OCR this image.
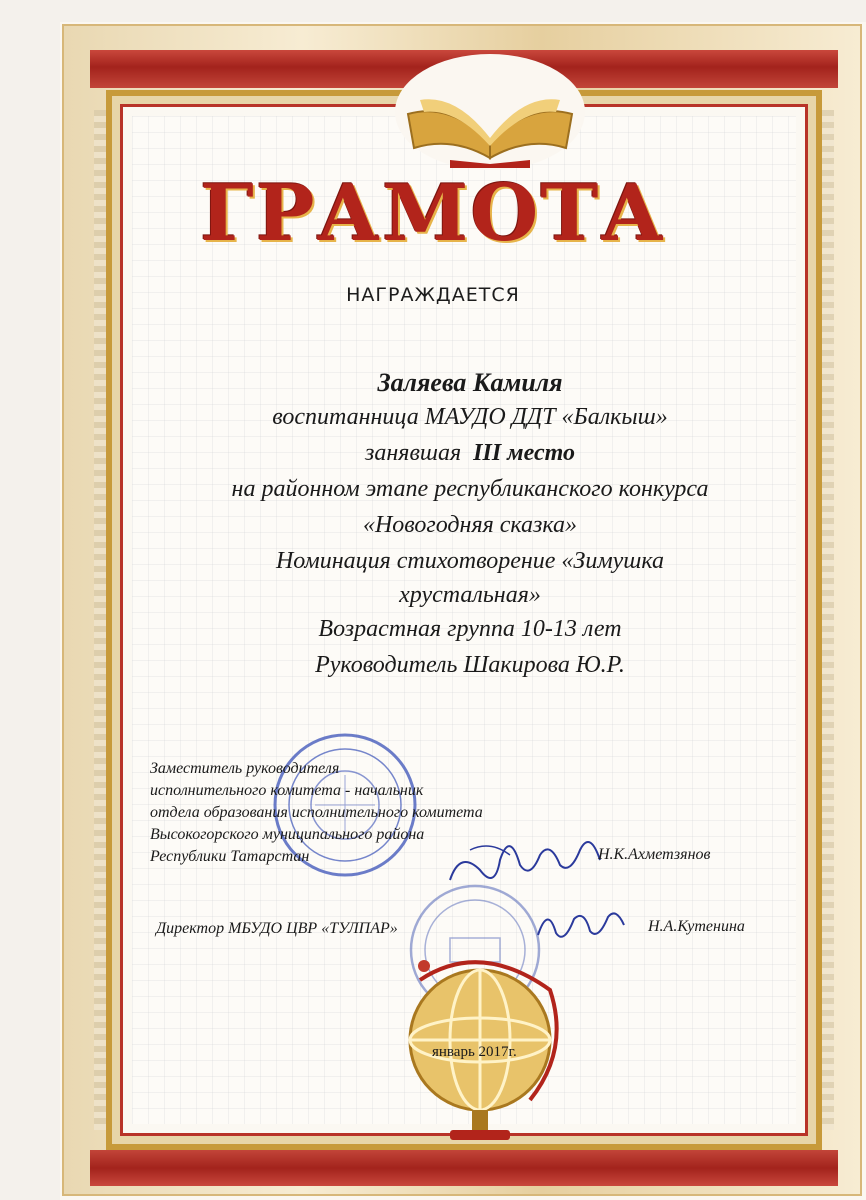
ГРАМОТА
НАГРАЖДАЕТСЯ
Заляева Камиля
воспитанница МАУДО ДДТ «Балкыш»
занявшая III место
на районном этапе республиканского конкурса
«Новогодняя сказка»
Номинация стихотворение «Зимушка
хрустальная»
Возрастная группа 10-13 лет
Руководитель Шакирова Ю.Р.
Заместитель руководителя
исполнительного комитета - начальник
отдела образования исполнительного комитета
Высокогорского муниципального района
Республики Татарстан	Н.К.Ахметзянов
Директор МБУДО ЦВР «ТУЛПАР»	Н.А.Кутенина
январь 2017г.
